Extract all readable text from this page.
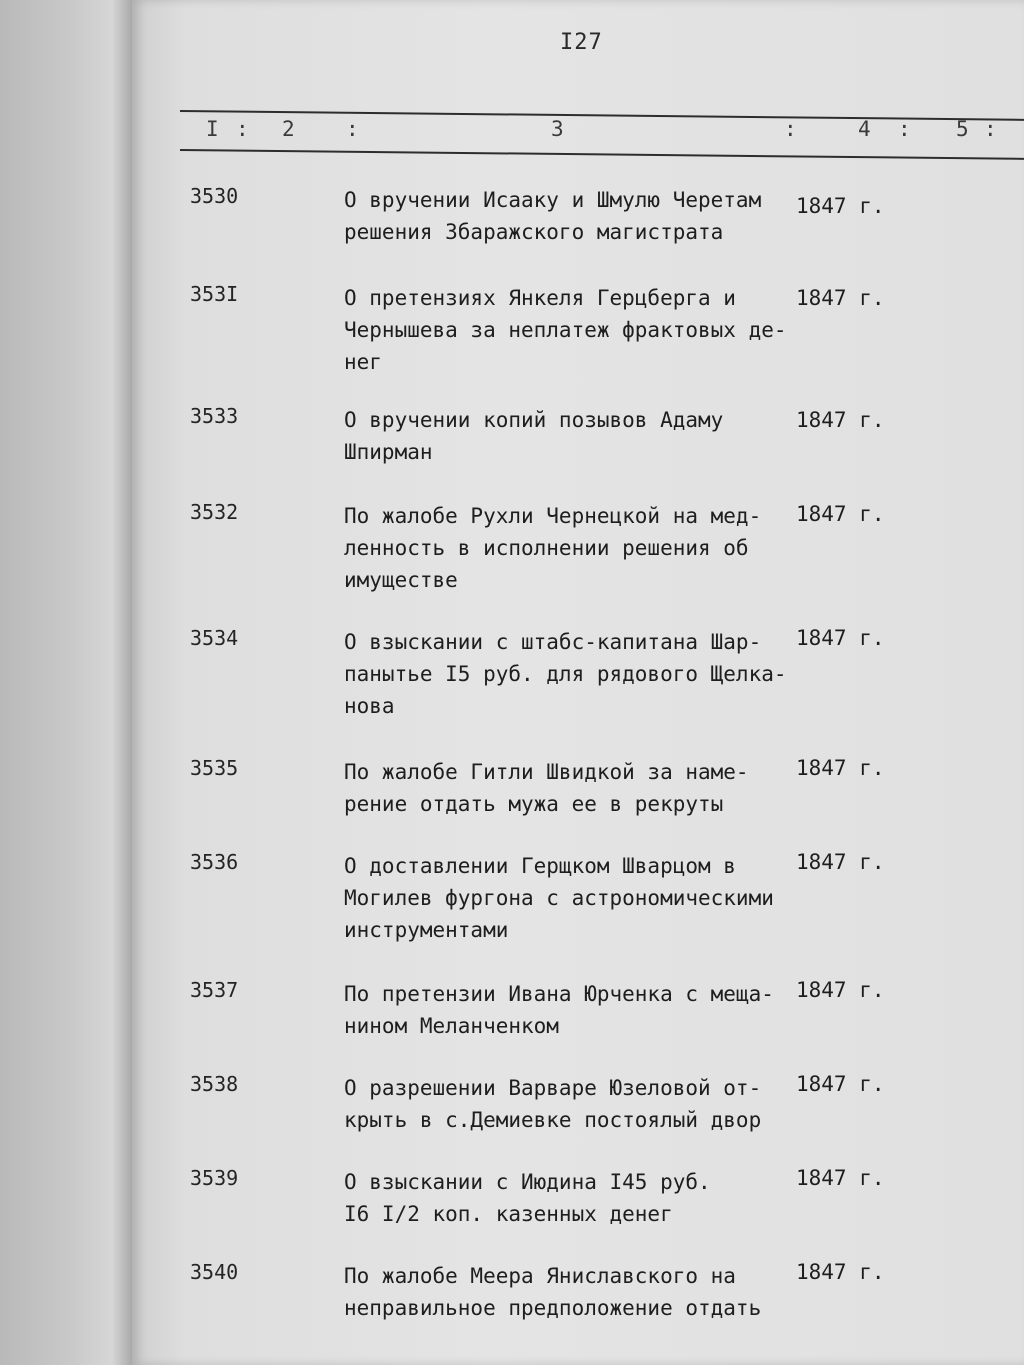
I27
I : 2 :	3	:	4 : 5 :
3530	О вручении Исааку и Шмулю Черетам
решения Збаражского магистрата
1847 г.
353I	О претензиях Янкеля Герцберга и
Чернышева за неплатеж фрактовых де-
нег
1847 г.
3533	О вручении копий позывов Адаму
Шпирман
1847 г.
3532	По жалобе Рухли Чернецкой на мед-
ленность в исполнении решения об
имуществе
1847 г.
3534	О взыскании с штабс-капитана Шар-
панытье I5 руб. для рядового Щелка-
нова
1847 г.
3535	По жалобе Гитли Швидкой за наме-
рение отдать мужа ее в рекруты
1847 г.
3536	О доставлении Герщком Шварцом в
Могилев фургона с астрономическими
инструментами
1847 г.
3537	По претензии Ивана Юрченка с меща-
нином Меланченком
1847 г.
3538	О разрешении Варваре Юзеловой от-
крыть в с.Демиевке постоялый двор
1847 г.
3539	О взыскании с Июдина I45 руб.
I6 I/2 коп. казенных денег
1847 г.
3540	По жалобе Меера Янислaвского на
неправильное предположение отдать
1847 г.
